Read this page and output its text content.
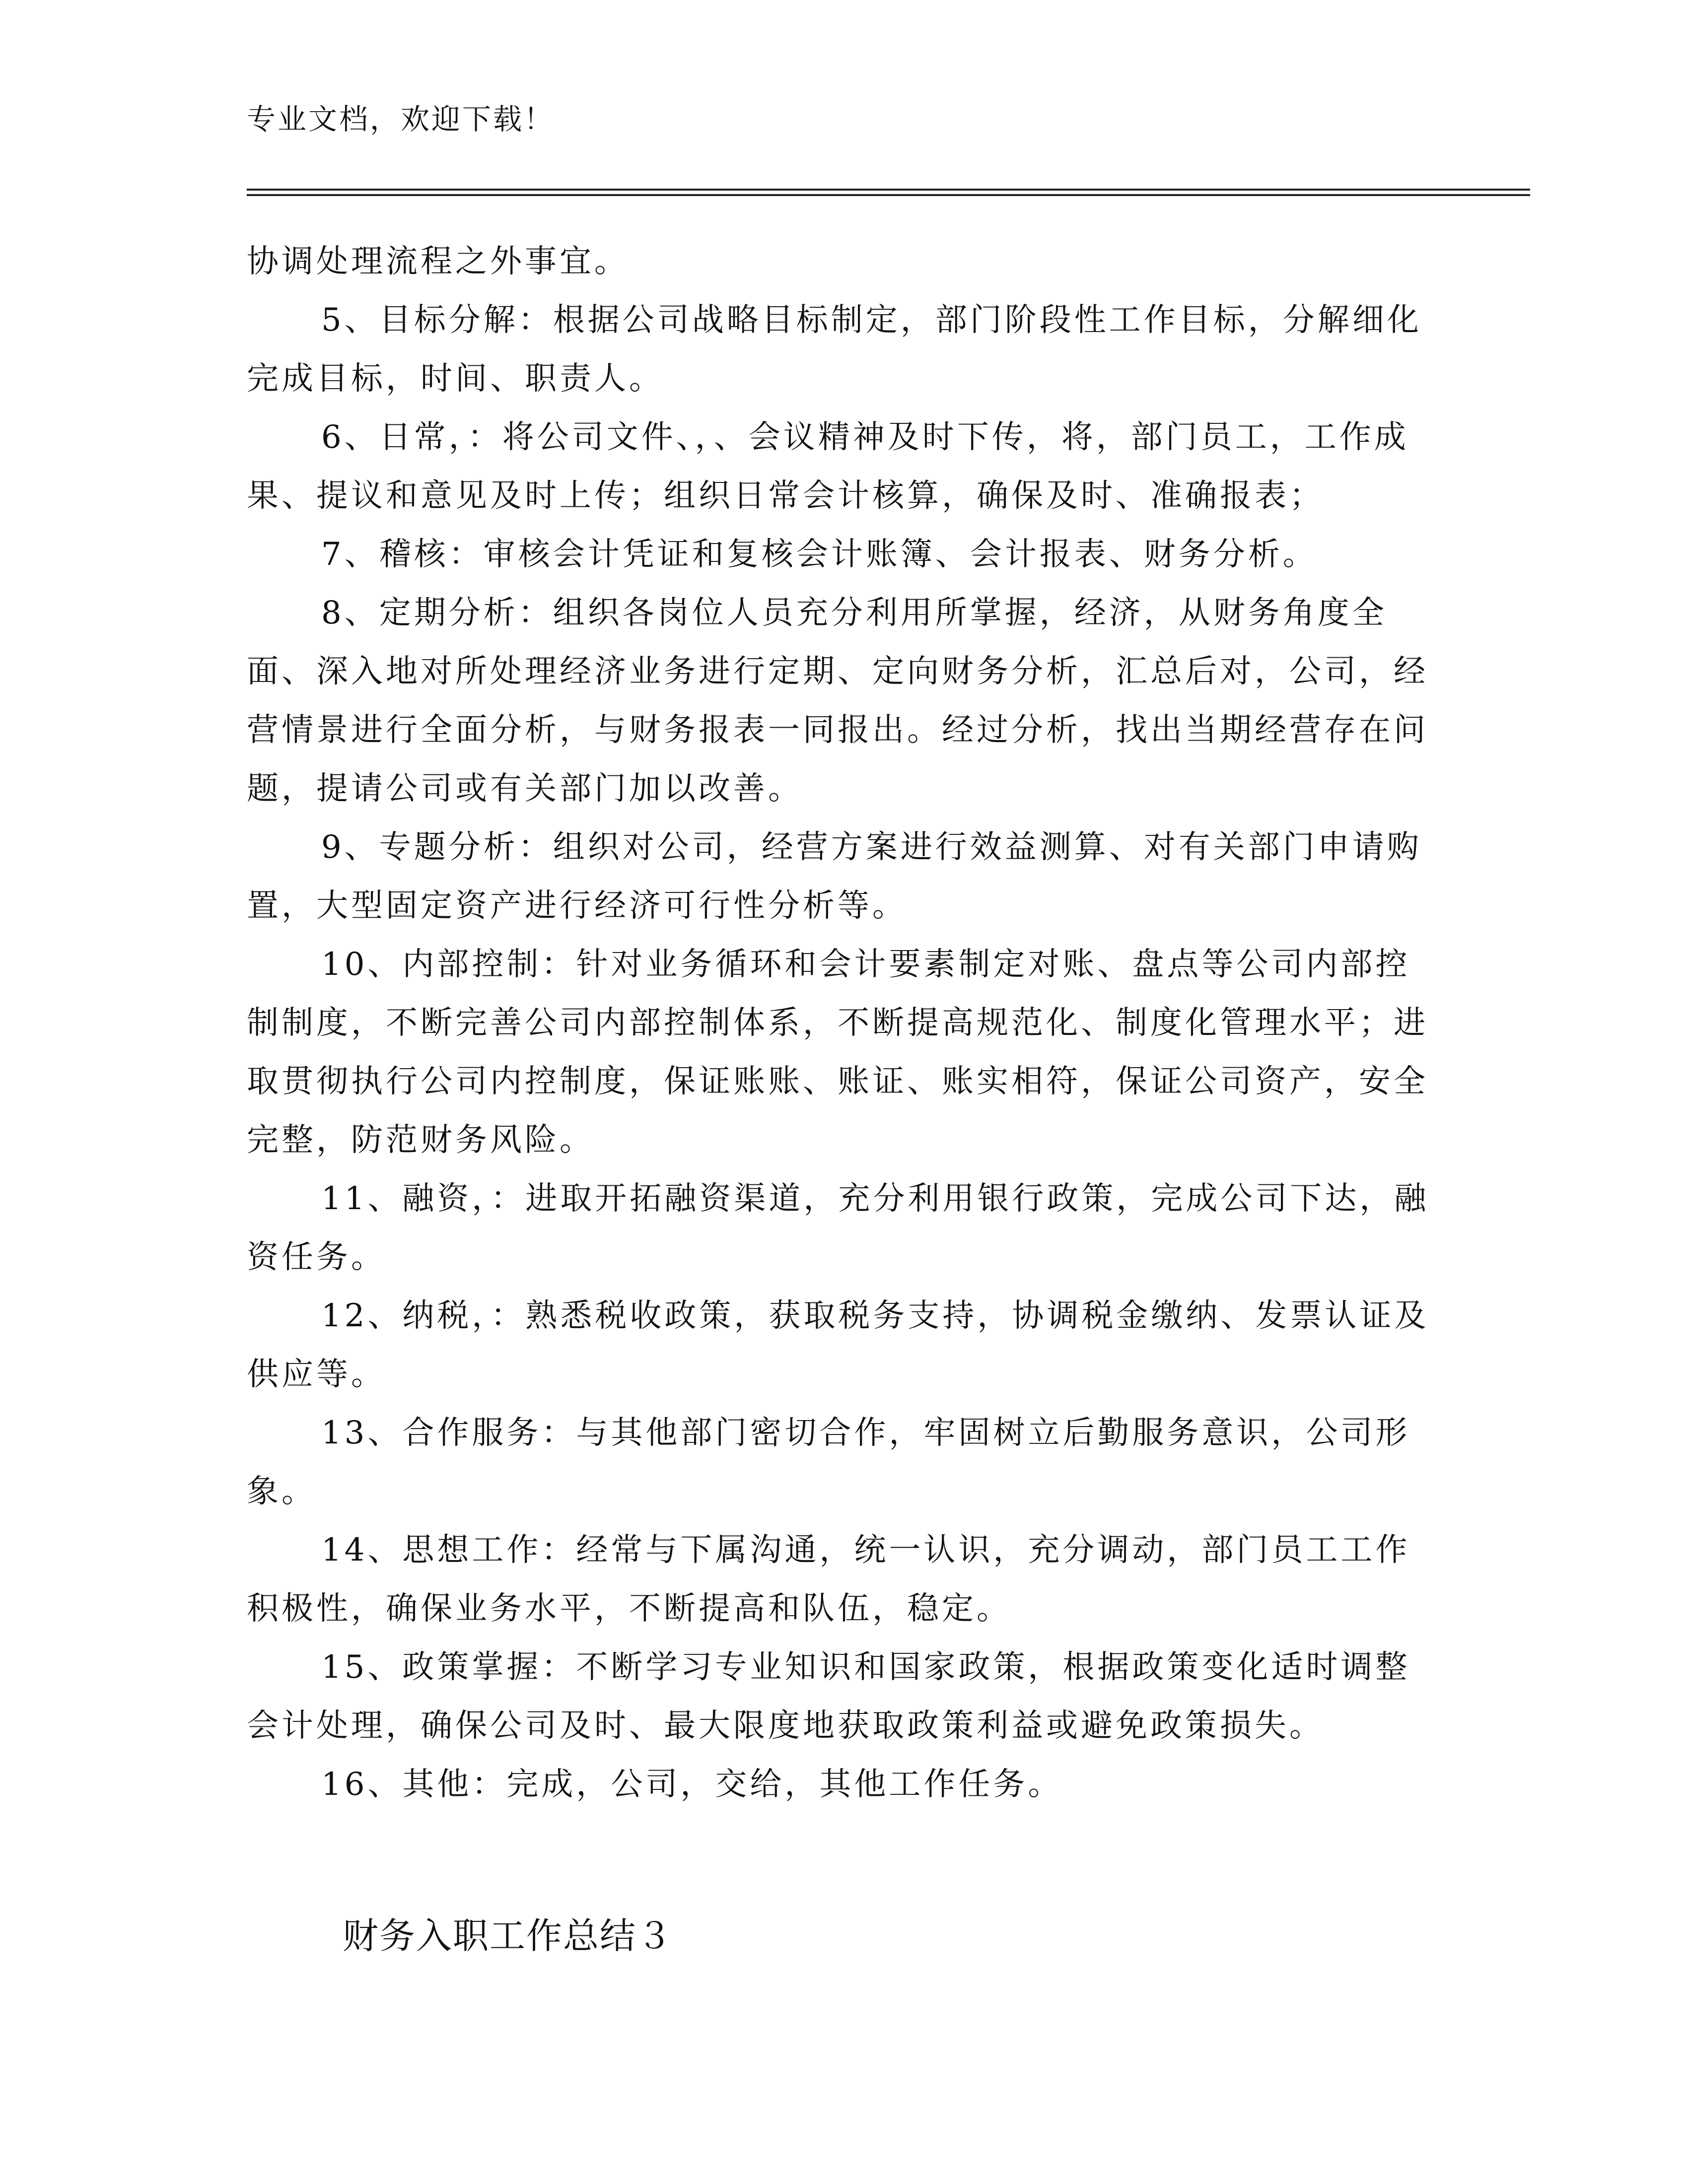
专业文档，欢迎下载！

协调处理流程之外事宜。

5、目标分解：根据公司战略目标制定，部门阶段性工作目标，分解细化完成目标，时间、职责人。

6、日常，：将公司文件、，、会议精神及时下传，将，部门员工，工作成果、提议和意见及时上传；组织日常会计核算，确保及时、准确报表；

7、稽核：审核会计凭证和复核会计账簿、会计报表、财务分析。

8、定期分析：组织各岗位人员充分利用所掌握，经济，从财务角度全面、深入地对所处理经济业务进行定期、定向财务分析，汇总后对，公司，经营情景进行全面分析，与财务报表一同报出。经过分析，找出当期经营存在问题，提请公司或有关部门加以改善。

9、专题分析：组织对公司，经营方案进行效益测算、对有关部门申请购置，大型固定资产进行经济可行性分析等。

10、内部控制：针对业务循环和会计要素制定对账、盘点等公司内部控制制度，不断完善公司内部控制体系，不断提高规范化、制度化管理水平；进取贯彻执行公司内控制度，保证账账、账证、账实相符，保证公司资产，安全完整，防范财务风险。

11、融资，：进取开拓融资渠道，充分利用银行政策，完成公司下达，融资任务。

12、纳税，：熟悉税收政策，获取税务支持，协调税金缴纳、发票认证及供应等。

13、合作服务：与其他部门密切合作，牢固树立后勤服务意识，公司形象。

14、思想工作：经常与下属沟通，统一认识，充分调动，部门员工工作积极性，确保业务水平，不断提高和队伍，稳定。

15、政策掌握：不断学习专业知识和国家政策，根据政策变化适时调整会计处理，确保公司及时、最大限度地获取政策利益或避免政策损失。

16、其他：完成，公司，交给，其他工作任务。

财务入职工作总结３
